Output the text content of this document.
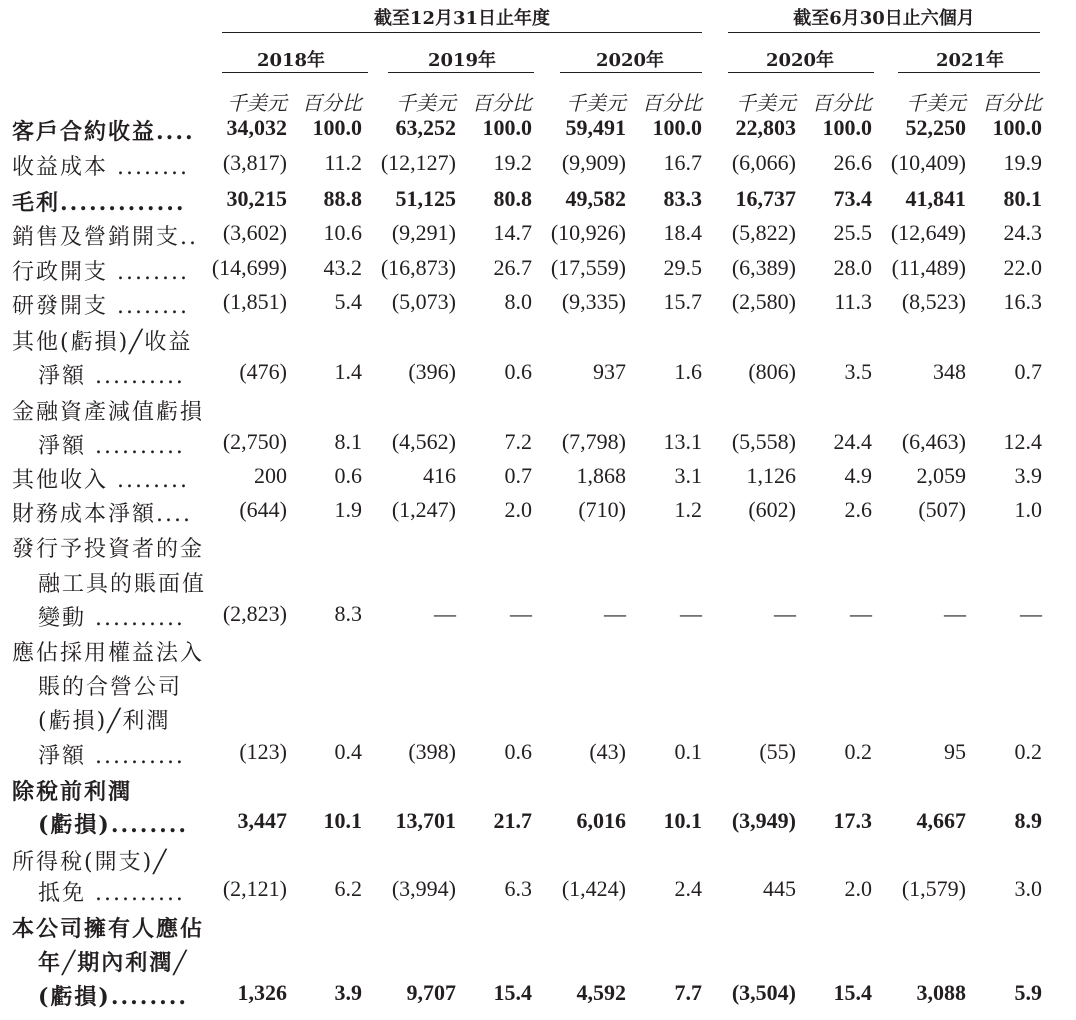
截至12月31日止年度	截至6月30日止六個月
2018年	2019年	2020年	2020年	2021年
千美元 百分比	千美元 百分比	千美元 百分比	千美元 百分比	千美元 百分比
客戶合約收益....	34,032	100.0	63,252	100.0	59,491	100.0	22,803	100.0	52,250	100.0
收益成本 ........	(3,817)	11.2 (12,127)	19.2	(9,909)	16.7	(6,066)	26.6 (10,409)	19.9
毛利.............	30,215	88.8	51,125	80.8	49,582	83.3	16,737	73.4	41,841	80.1
銷售及營銷開支..	(3,602)	10.6	(9,291)	14.7 (10,926)	18.4	(5,822)	25.5 (12,649)	24.3
行政開支 ........	(14,699)	43.2 (16,873)	26.7 (17,559)	29.5	(6,389)	28.0 (11,489)	22.0
研發開支 ........	(1,851)	5.4	(5,073)	8.0	(9,335)	15.7	(2,580)	11.3	(8,523)	16.3
其他(虧損)╱收益
淨額 ..........	(476)	1.4	(396)	0.6	937	1.6	(806)	3.5	348	0.7
金融資產減值虧損
淨額 ..........	(2,750)	8.1	(4,562)	7.2	(7,798)	13.1	(5,558)	24.4	(6,463)	12.4
其他收入 ........	200	0.6	416	0.7	1,868	3.1	1,126	4.9	2,059	3.9
財務成本淨額....	(644)	1.9	(1,247)	2.0	(710)	1.2	(602)	2.6	(507)	1.0
發行予投資者的金
融工具的賬面值
變動 ..........	(2,823)	8.3	—	—	—	—	—	—	—	—
應佔採用權益法入
賬的合營公司
(虧損)╱利潤
淨額 ..........	(123)	0.4	(398)	0.6	(43)	0.1	(55)	0.2	95	0.2
除稅前利潤
(虧損)........	3,447	10.1	13,701	21.7	6,016	10.1	(3,949)	17.3	4,667	8.9
所得稅(開支)╱
抵免 ..........	(2,121)	6.2	(3,994)	6.3	(1,424)	2.4	445	2.0	(1,579)	3.0
本公司擁有人應佔
年╱期內利潤╱
(虧損)........	1,326	3.9	9,707	15.4	4,592	7.7	(3,504)	15.4	3,088	5.9
